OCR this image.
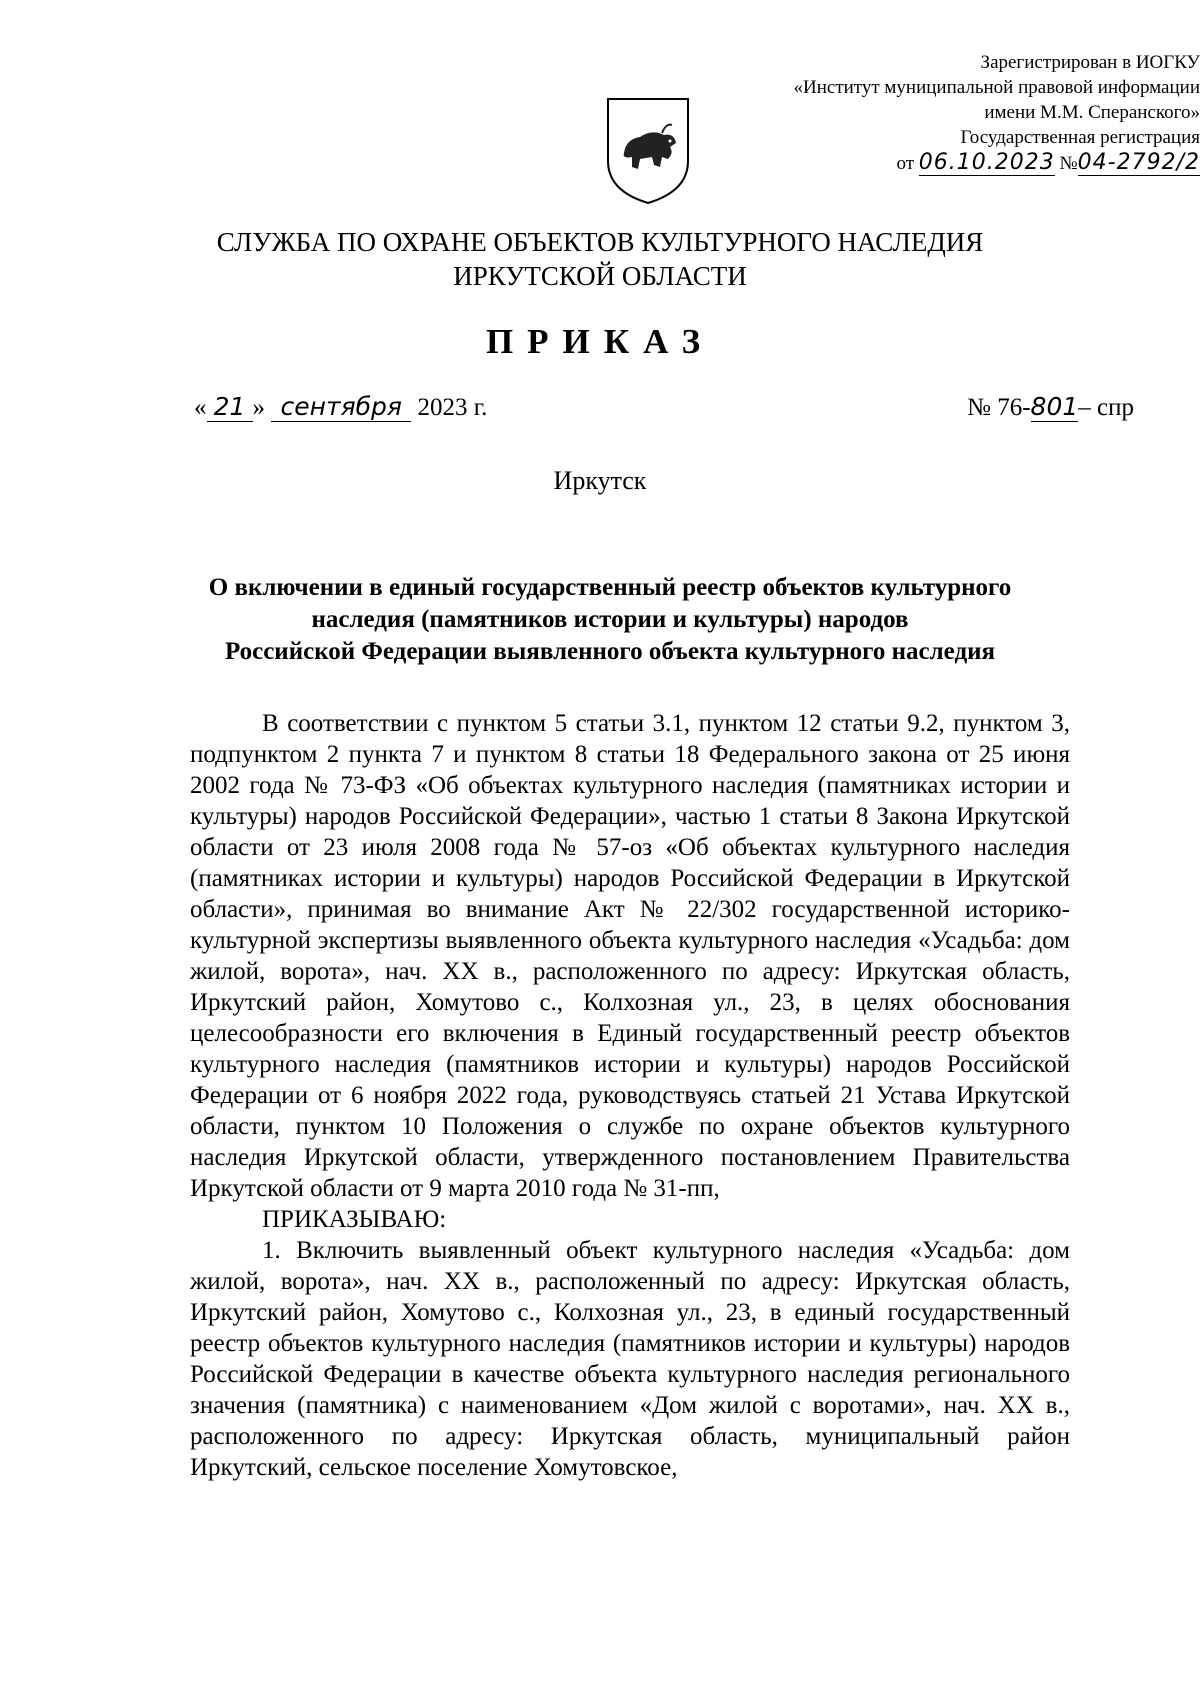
Зарегистрирован в ИОГКУ
«Институт муниципальной правовой информации
имени М.М. Сперанского»
Государственная регистрация
от 06.10.2023 №04-2792/2
СЛУЖБА ПО ОХРАНЕ ОБЪЕКТОВ КУЛЬТУРНОГО НАСЛЕДИЯ
ИРКУТСКОЙ ОБЛАСТИ
ПРИКАЗ
« 21 » сентября 2023 г.	№ 76-801– спр
Иркутск
О включении в единый государственный реестр объектов культурного
наследия (памятников истории и культуры) народов
Российской Федерации выявленного объекта культурного наследия

В соответствии с пунктом 5 статьи 3.1, пунктом 12 статьи 9.2, пунктом 3, подпунктом 2 пункта 7 и пунктом 8 статьи 18 Федерального закона от 25 июня 2002 года № 73-ФЗ «Об объектах культурного наследия (памятниках истории и культуры) народов Российской Федерации», частью 1 статьи 8 Закона Иркутской области от 23 июля 2008 года № 57-оз «Об объектах культурного наследия (памятниках истории и культуры) народов Российской Федерации в Иркутской области», принимая во внимание Акт № 22/302 государственной историко-культурной экспертизы выявленного объекта культурного наследия «Усадьба: дом жилой, ворота», нач. XX в., расположенного по адресу: Иркутская область, Иркутский район, Хомутово с., Колхозная ул., 23, в целях обоснования целесообразности его включения в Единый государственный реестр объектов культурного наследия (памятников истории и культуры) народов Российской Федерации от 6 ноября 2022 года, руководствуясь статьей 21 Устава Иркутской области, пунктом 10 Положения о службе по охране объектов культурного наследия Иркутской области, утвержденного постановлением Правительства Иркутской области от 9 марта 2010 года № 31-пп,

ПРИКАЗЫВАЮ:

1. Включить выявленный объект культурного наследия «Усадьба: дом жилой, ворота», нач. XX в., расположенный по адресу: Иркутская область, Иркутский район, Хомутово с., Колхозная ул., 23, в единый государственный реестр объектов культурного наследия (памятников истории и культуры) народов Российской Федерации в качестве объекта культурного наследия регионального значения (памятника) с наименованием «Дом жилой с воротами», нач. XX в., расположенного по адресу: Иркутская область, муниципальный район Иркутский, сельское поселение Хомутовское,
